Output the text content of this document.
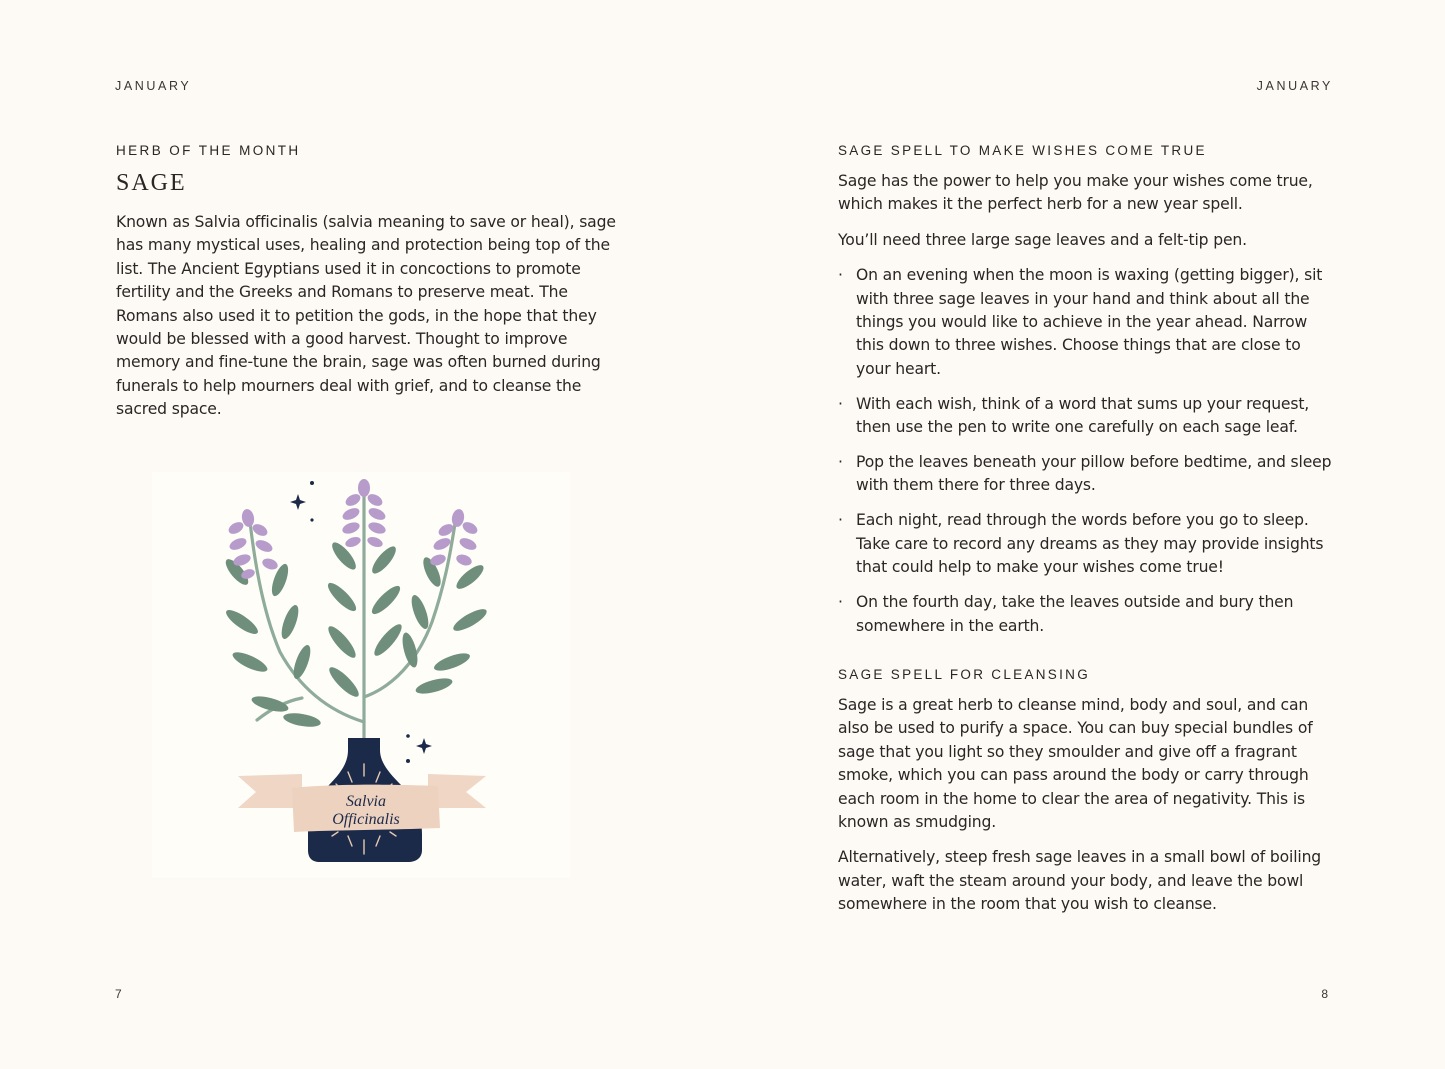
JANUARY

HERB OF THE MONTH

SAGE

Known as Salvia officinalis (salvia meaning to save or heal), sage has many mystical uses, healing and protection being top of the list. The Ancient Egyptians used it in concoctions to promote fertility and the Greeks and Romans to preserve meat. The Romans also used it to petition the gods, in the hope that they would be blessed with a good harvest. Thought to improve memory and fine-tune the brain, sage was often burned during funerals to help mourners deal with grief, and to cleanse the sacred space.

Salvia
Officinalis
7
JANUARY

SAGE SPELL TO MAKE WISHES COME TRUE

Sage has the power to help you make your wishes come true, which makes it the perfect herb for a new year spell.

You’ll need three large sage leaves and a felt-tip pen.

· On an evening when the moon is waxing (getting bigger), sit with three sage leaves in your hand and think about all the things you would like to achieve in the year ahead. Narrow this down to three wishes. Choose things that are close to your heart.
· With each wish, think of a word that sums up your request, then use the pen to write one carefully on each sage leaf.
· Pop the leaves beneath your pillow before bedtime, and sleep with them there for three days.
· Each night, read through the words before you go to sleep. Take care to record any dreams as they may provide insights that could help to make your wishes come true!
· On the fourth day, take the leaves outside and bury then somewhere in the earth.

SAGE SPELL FOR CLEANSING

Sage is a great herb to cleanse mind, body and soul, and can also be used to purify a space. You can buy special bundles of sage that you light so they smoulder and give off a fragrant smoke, which you can pass around the body or carry through each room in the home to clear the area of negativity. This is known as smudging.

Alternatively, steep fresh sage leaves in a small bowl of boiling water, waft the steam around your body, and leave the bowl somewhere in the room that you wish to cleanse.

8
